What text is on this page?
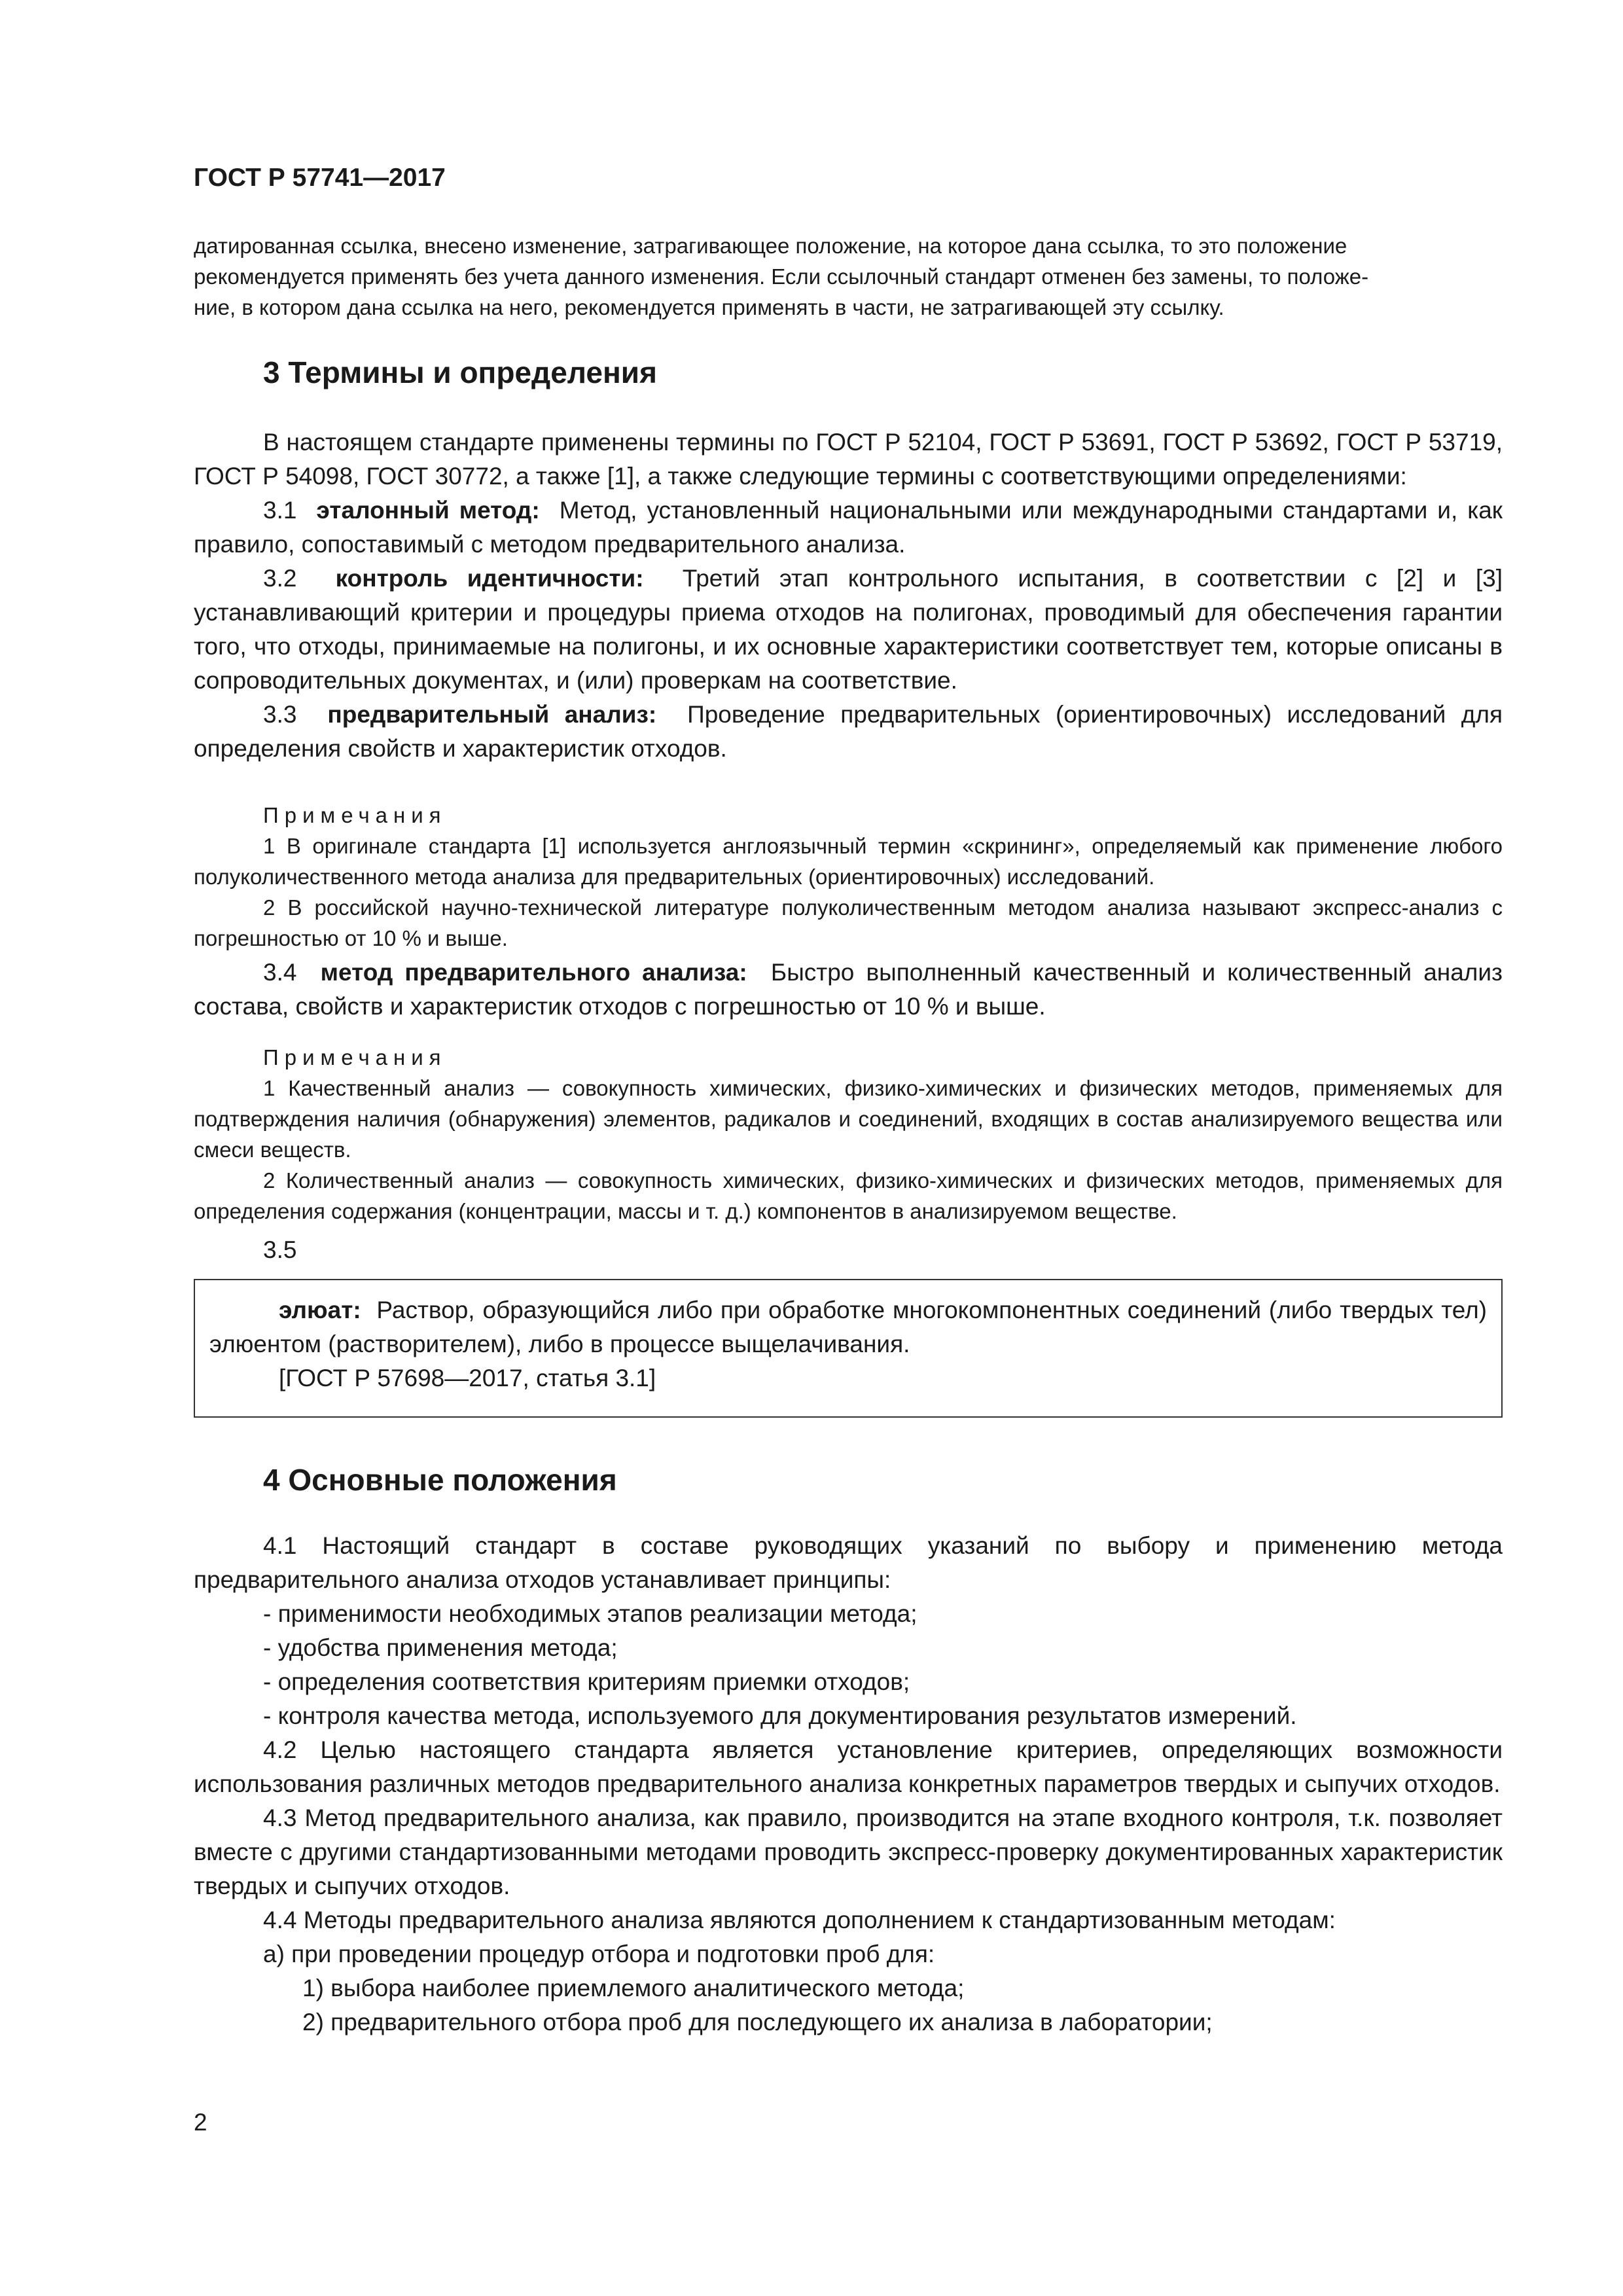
ГОСТ Р 57741—2017
датированная ссылка, внесено изменение, затрагивающее положение, на которое дана ссылка, то это положение
рекомендуется применять без учета данного изменения. Если ссылочный стандарт отменен без замены, то положе-
ние, в котором дана ссылка на него, рекомендуется применять в части, не затрагивающей эту ссылку.
3 Термины и определения

В настоящем стандарте применены термины по ГОСТ Р 52104, ГОСТ Р 53691, ГОСТ Р 53692, ГОСТ Р 53719, ГОСТ Р 54098, ГОСТ 30772, а также [1], а также следующие термины с соответствующими определениями:

3.1 эталонный метод: Метод, установленный национальными или международными стандартами и, как правило, сопоставимый с методом предварительного анализа.

3.2 контроль идентичности: Третий этап контрольного испытания, в соответствии с [2] и [3] устанавливающий критерии и процедуры приема отходов на полигонах, проводимый для обеспечения гарантии того, что отходы, принимаемые на полигоны, и их основные характеристики соответствует тем, которые описаны в сопроводительных документах, и (или) проверкам на соответствие.

3.3 предварительный анализ: Проведение предварительных (ориентировочных) исследований для определения свойств и характеристик отходов.

Примечания

1 В оригинале стандарта [1] используется англоязычный термин «скрининг», определяемый как применение любого полуколичественного метода анализа для предварительных (ориентировочных) исследований.

2 В российской научно-технической литературе полуколичественным методом анализа называют экспресс-анализ с погрешностью от 10 % и выше.

3.4 метод предварительного анализа: Быстро выполненный качественный и количественный анализ состава, свойств и характеристик отходов с погрешностью от 10 % и выше.

Примечания

1 Качественный анализ — совокупность химических, физико-химических и физических методов, применяемых для подтверждения наличия (обнаружения) элементов, радикалов и соединений, входящих в состав анализируемого вещества или смеси веществ.

2 Количественный анализ — совокупность химических, физико-химических и физических методов, применяемых для определения содержания (концентрации, массы и т. д.) компонентов в анализируемом веществе.

3.5

элюат: Раствор, образующийся либо при обработке многокомпонентных соединений (либо твердых тел) элюентом (растворителем), либо в процессе выщелачивания.

[ГОСТ Р 57698—2017, статья 3.1]
4 Основные положения

4.1 Настоящий стандарт в составе руководящих указаний по выбору и применению метода предварительного анализа отходов устанавливает принципы:

- применимости необходимых этапов реализации метода;
- удобства применения метода;
- определения соответствия критериям приемки отходов;
- контроля качества метода, используемого для документирования результатов измерений.

4.2 Целью настоящего стандарта является установление критериев, определяющих возможности использования различных методов предварительного анализа конкретных параметров твердых и сыпучих отходов.

4.3 Метод предварительного анализа, как правило, производится на этапе входного контроля, т.к. позволяет вместе с другими стандартизованными методами проводить экспресс-проверку документированных характеристик твердых и сыпучих отходов.

4.4 Методы предварительного анализа являются дополнением к стандартизованным методам:

а) при проведении процедур отбора и подготовки проб для:
1) выбора наиболее приемлемого аналитического метода;
2) предварительного отбора проб для последующего их анализа в лаборатории;
2
